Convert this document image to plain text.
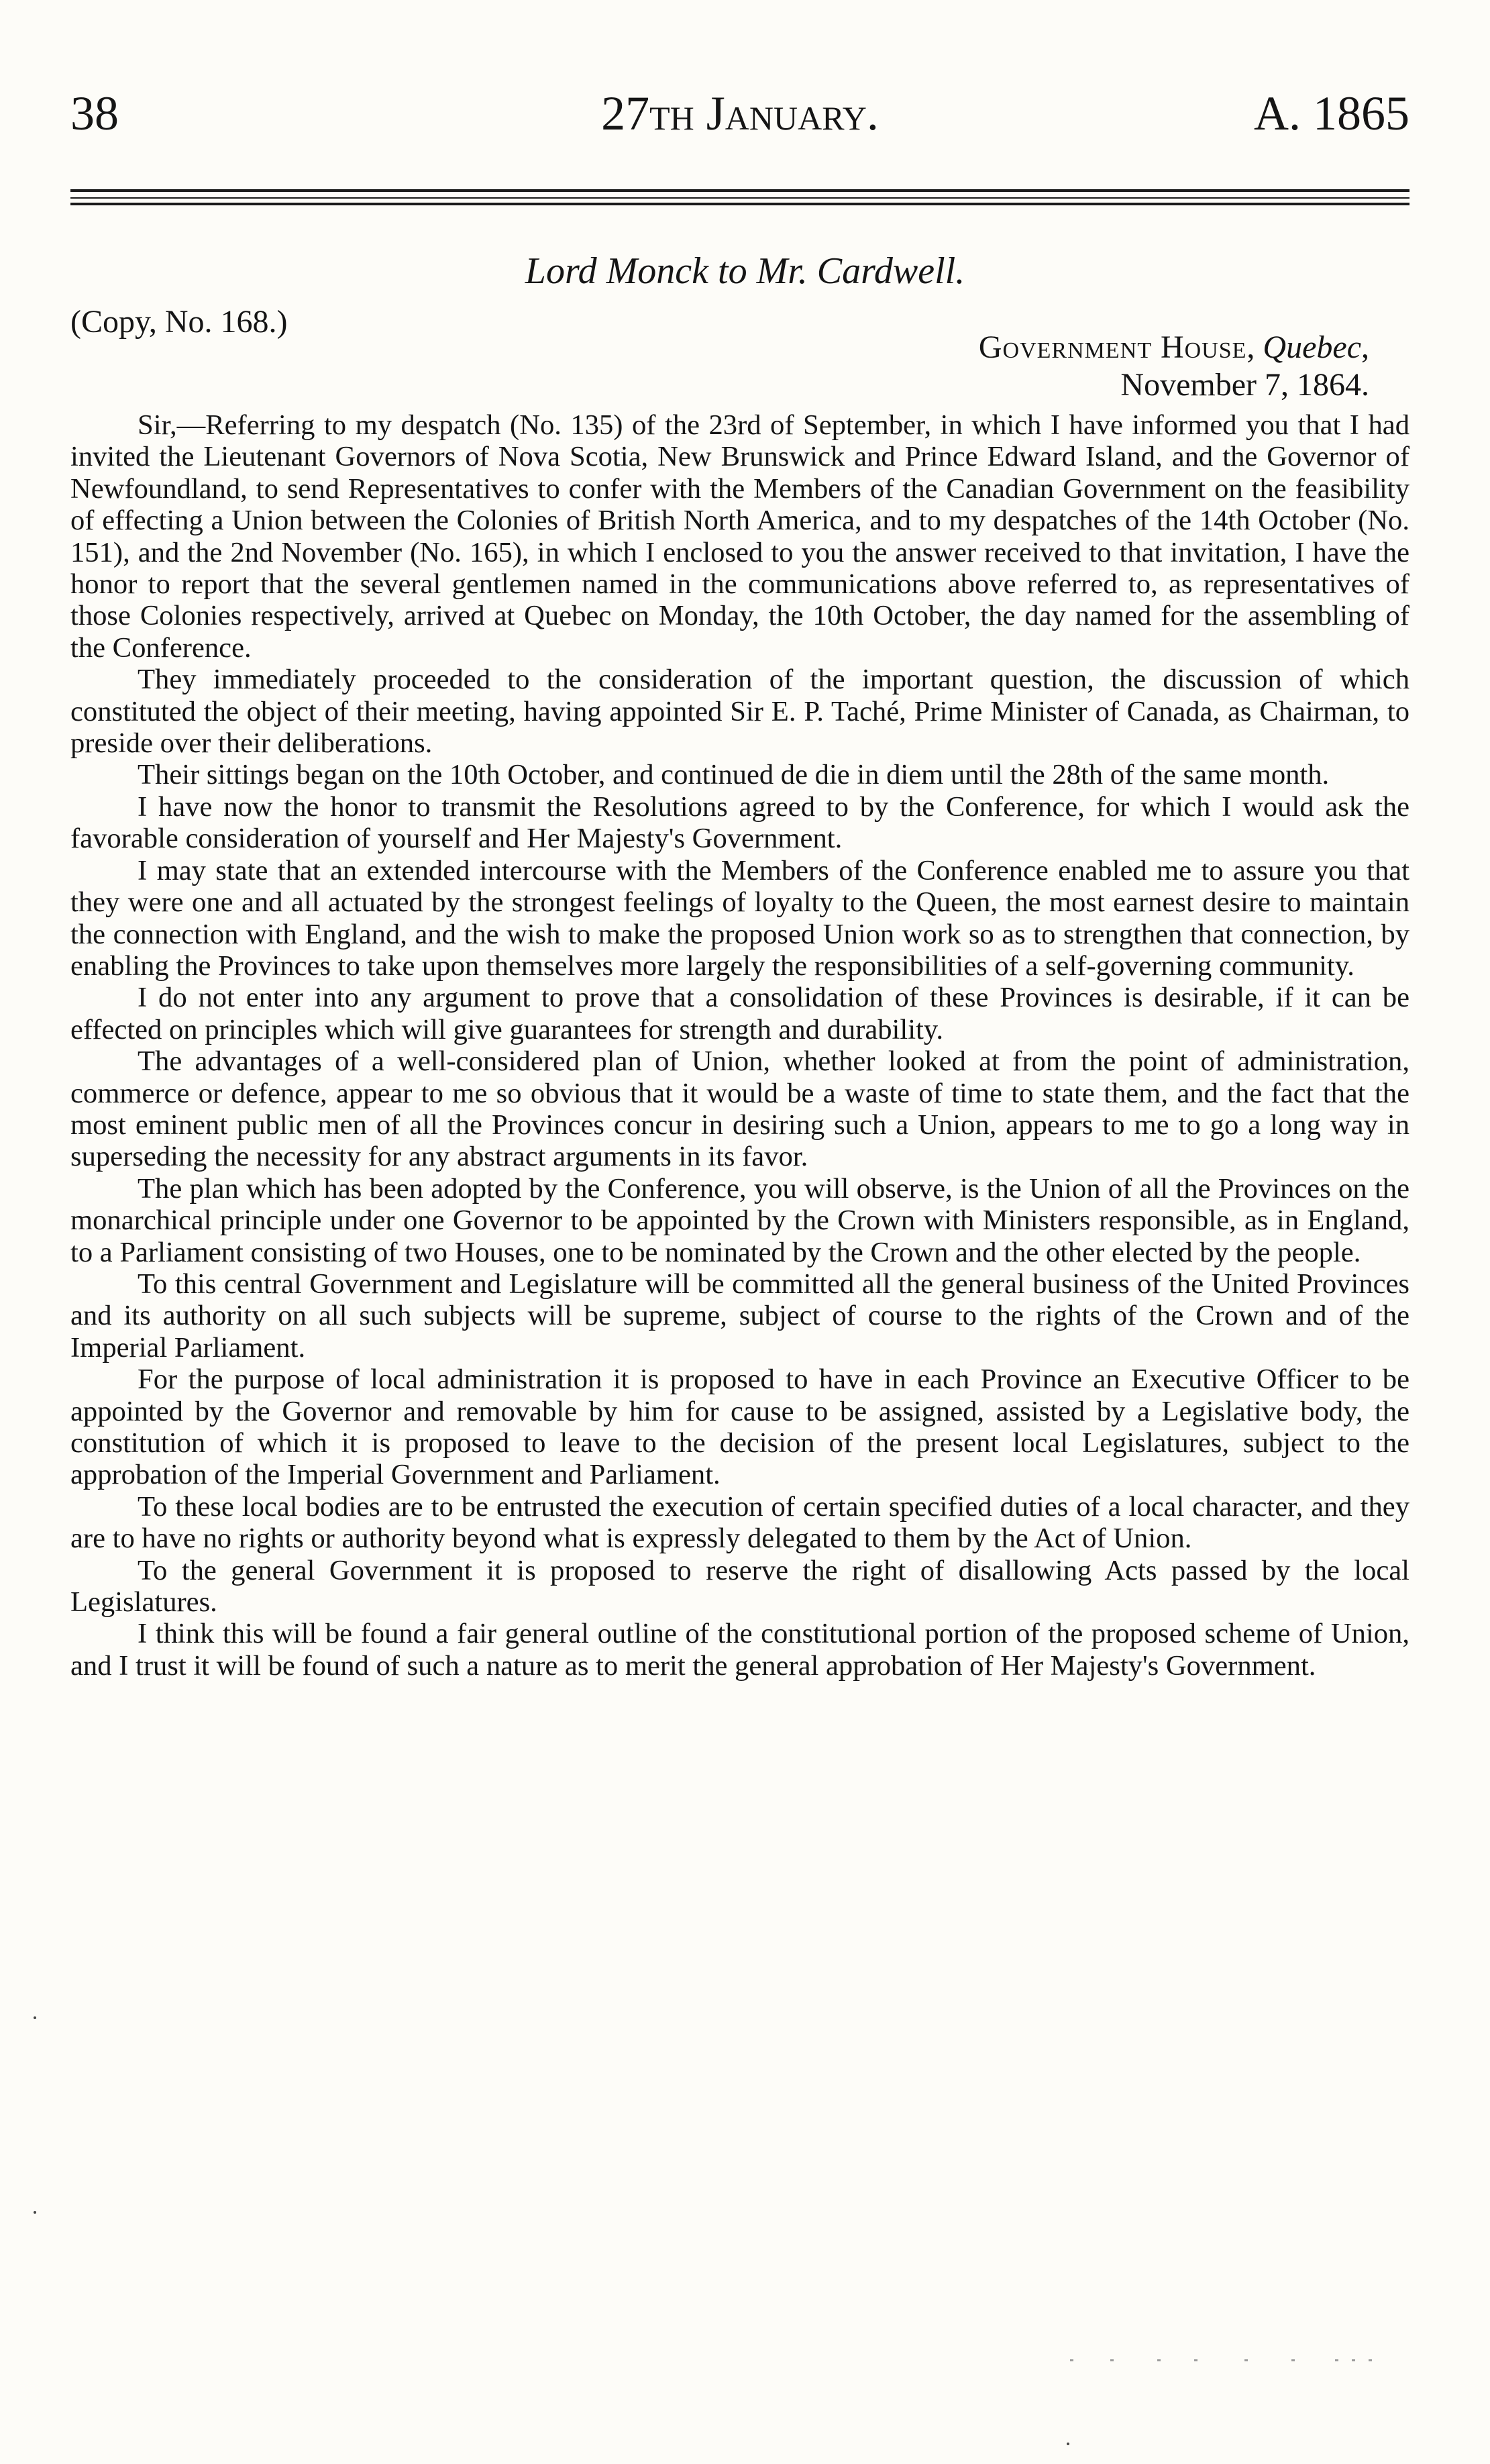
38	27th January.	A. 1865
Lord Monck to Mr. Cardwell.
(Copy, No. 168.)
Government House, Quebec,
November 7, 1864.

Sir,—Referring to my despatch (No. 135) of the 23rd of September, in which I have informed you that I had invited the Lieutenant Governors of Nova Scotia, New Brunswick and Prince Edward Island, and the Governor of Newfoundland, to send Representatives to confer with the Members of the Canadian Government on the feasibility of effecting a Union between the Colonies of British North America, and to my despatches of the 14th October (No. 151), and the 2nd November (No. 165), in which I enclosed to you the answer received to that invitation, I have the honor to report that the several gentlemen named in the communications above referred to, as representatives of those Colonies respectively, arrived at Quebec on Monday, the 10th October, the day named for the assembling of the Conference.

They immediately proceeded to the consideration of the important question, the discussion of which constituted the object of their meeting, having appointed Sir E. P. Taché, Prime Minister of Canada, as Chairman, to preside over their deliberations.

Their sittings began on the 10th October, and continued de die in diem until the 28th of the same month.

I have now the honor to transmit the Resolutions agreed to by the Conference, for which I would ask the favorable consideration of yourself and Her Majesty's Government.

I may state that an extended intercourse with the Members of the Conference enabled me to assure you that they were one and all actuated by the strongest feelings of loyalty to the Queen, the most earnest desire to maintain the connection with England, and the wish to make the proposed Union work so as to strengthen that connection, by enabling the Provinces to take upon themselves more largely the responsibilities of a self-governing community.

I do not enter into any argument to prove that a consolidation of these Provinces is desirable, if it can be effected on principles which will give guarantees for strength and durability.

The advantages of a well-considered plan of Union, whether looked at from the point of administration, commerce or defence, appear to me so obvious that it would be a waste of time to state them, and the fact that the most eminent public men of all the Provinces concur in desiring such a Union, appears to me to go a long way in superseding the necessity for any abstract arguments in its favor.

The plan which has been adopted by the Conference, you will observe, is the Union of all the Provinces on the monarchical principle under one Governor to be appointed by the Crown with Ministers responsible, as in England, to a Parliament consisting of two Houses, one to be nominated by the Crown and the other elected by the people.

To this central Government and Legislature will be committed all the general business of the United Provinces and its authority on all such subjects will be supreme, subject of course to the rights of the Crown and of the Imperial Parliament.

For the purpose of local administration it is proposed to have in each Province an Executive Officer to be appointed by the Governor and removable by him for cause to be assigned, assisted by a Legislative body, the constitution of which it is proposed to leave to the decision of the present local Legislatures, subject to the approbation of the Imperial Government and Parliament.

To these local bodies are to be entrusted the execution of certain specified duties of a local character, and they are to have no rights or authority beyond what is expressly delegated to them by the Act of Union.

To the general Government it is proposed to reserve the right of disallowing Acts passed by the local Legislatures.

I think this will be found a fair general outline of the constitutional portion of the proposed scheme of Union, and I trust it will be found of such a nature as to merit the general approbation of Her Majesty's Government.
